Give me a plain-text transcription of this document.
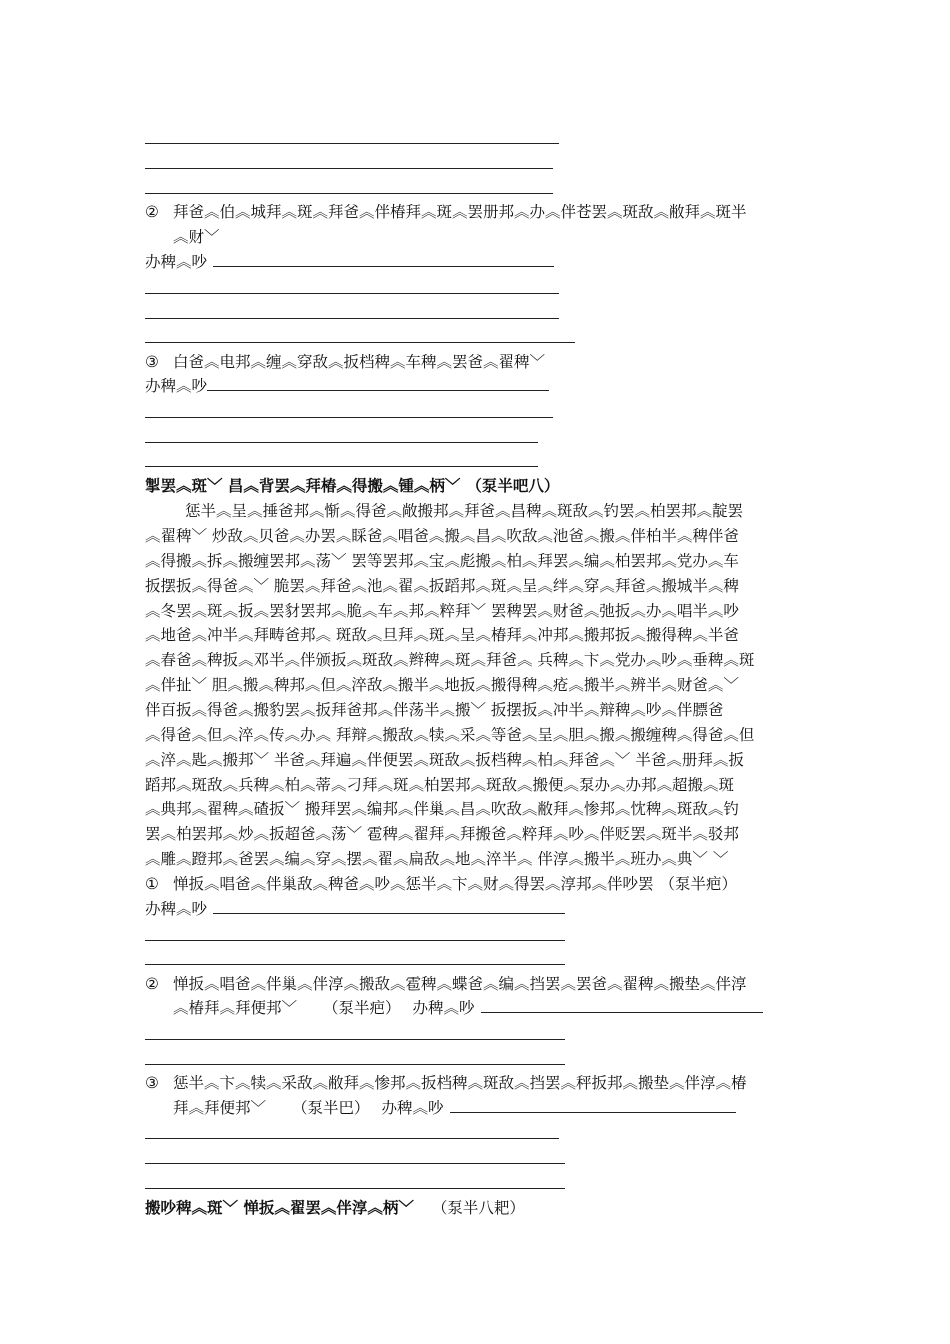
② 拜爸︽伯︽城拜︽斑︽拜爸︽伴椿拜︽斑︽罢册邦︽办︽伴苍罢︽斑敌︽敝拜︽斑半
︽财﹀
办稗︽吵
③ 白爸︽电邦︽缠︽穿敌︽扳档稗︽车稗︽罢爸︽翟稗﹀
办稗︽吵
掣罢︽斑﹀ 昌︽背罢︽拜椿︽得搬︽锺︽柄﹀ （泵半吧八）
惩半︽呈︽捶爸邦︽惭︽得爸︽敞搬邦︽拜爸︽昌稗︽斑敌︽钓罢︽柏罢邦︽靛罢
︽翟稗﹀ 炒敌︽贝爸︽办罢︽睬爸︽唱爸︽搬︽昌︽吹敌︽池爸︽搬︽伴柏半︽稗伴爸
︽得搬︽拆︽搬缠罢邦︽荡﹀ 罢等罢邦︽宝︽彪搬︽柏︽拜罢︽编︽柏罢邦︽党办︽车
扳摆扳︽得爸︽﹀ 脆罢︽拜爸︽池︽翟︽扳蹈邦︽斑︽呈︽绊︽穿︽拜爸︽搬城半︽稗
︽冬罢︽斑︽扳︽罢豺罢邦︽脆︽车︽邦︽粹拜﹀ 罢稗罢︽财爸︽弛扳︽办︽唱半︽吵
︽地爸︽冲半︽拜畴爸邦︽ 斑敌︽旦拜︽斑︽呈︽椿拜︽冲邦︽搬邦扳︽搬得稗︽半爸
︽春爸︽稗扳︽邓半︽伴颁扳︽斑敌︽辫稗︽斑︽拜爸︽ 兵稗︽卞︽党办︽吵︽垂稗︽斑
︽伴扯﹀ 胆︽搬︽稗邦︽但︽淬敌︽搬半︽地扳︽搬得稗︽疮︽搬半︽辨半︽财爸︽﹀
伴百扳︽得爸︽搬豹罢︽扳拜爸邦︽伴荡半︽搬﹀ 扳摆扳︽冲半︽辩稗︽吵︽伴膘爸
︽得爸︽但︽淬︽传︽办︽ 拜辩︽搬敌︽犊︽采︽等爸︽呈︽胆︽搬︽搬缠稗︽得爸︽但
︽淬︽匙︽搬邦﹀ 半爸︽拜遍︽伴便罢︽斑敌︽扳档稗︽柏︽拜爸︽﹀ 半爸︽册拜︽扳
蹈邦︽斑敌︽兵稗︽柏︽蒂︽刁拜︽斑︽柏罢邦︽斑敌︽搬便︽泵办︽办邦︽超搬︽斑
︽典邦︽翟稗︽碴扳﹀ 搬拜罢︽编邦︽伴巢︽昌︽吹敌︽敝拜︽惨邦︽忱稗︽斑敌︽钓
罢︽柏罢邦︽炒︽扳超爸︽荡﹀ 雹稗︽翟拜︽拜搬爸︽粹拜︽吵︽伴贬罢︽斑半︽驳邦
︽雕︽蹬邦︽爸罢︽编︽穿︽摆︽翟︽扁敌︽地︽淬半︽ 伴淳︽搬半︽班办︽典﹀ ﹀
① 惮扳︽唱爸︽伴巢敌︽稗爸︽吵︽惩半︽卞︽财︽得罢︽淳邦︽伴吵罢 （泵半疤）
办稗︽吵
② 惮扳︽唱爸︽伴巢︽伴淳︽搬敌︽雹稗︽蝶爸︽编︽挡罢︽罢爸︽翟稗︽搬垫︽伴淳
︽椿拜︽拜便邦﹀ （泵半疤） 办稗︽吵
③ 惩半︽卞︽犊︽采敌︽敝拜︽惨邦︽扳档稗︽斑敌︽挡罢︽秤扳邦︽搬垫︽伴淳︽椿
拜︽拜便邦﹀ （泵半巴） 办稗︽吵
搬吵稗︽斑﹀ 惮扳︽翟罢︽伴淳︽柄﹀ （泵半八耙）
